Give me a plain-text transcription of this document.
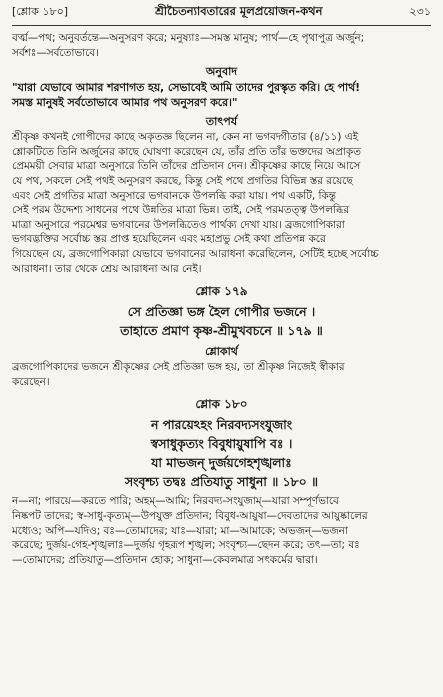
[শ্লোক ১৮০]	শ্রীচৈতন্যাবতারের মূলপ্রয়োজন-কথন	২৩১

বর্ত্ম—পথ; অনুবর্তন্তে—অনুসরণ করে; মনুষ্যাঃ—সমস্ত মানুষ; পার্থ—হে পৃথাপুত্র অর্জুন;

সর্বশঃ—সর্বতোভাবে।

অনুবাদ

"যারা যেভাবে আমার শরণাগত হয়, সেভাবেই আমি তাদের পুরস্কৃত করি। হে পার্থ!

সমস্ত মানুষই সর্বতোভাবে আমার পথ অনুসরণ করে।"

তাৎপর্য

শ্রীকৃষ্ণ কখনই গোপীদের কাছে অকৃতজ্ঞ ছিলেন না, কেন না ভগবদ্গীতার (৪/১১) এই

শ্লোকটিতে তিনি অর্জুনের কাছে ঘোষণা করেছেন যে, তাঁর প্রতি তাঁর ভক্তদের অপ্রাকৃত

প্রেমময়ী সেবার মাত্রা অনুসারে তিনি তাঁদের প্রতিদান দেন। শ্রীকৃষ্ণের কাছে নিয়ে আসে

যে পথ, সকলে সেই পথই অনুসরণ করছে, কিন্তু সেই পথে প্রগতির বিভিন্ন স্তর রয়েছে

এবং সেই প্রগতির মাত্রা অনুসারে ভগবানকে উপলব্ধি করা যায়। পথ একটি, কিন্তু

সেই পরম উদ্দেশ্য সাধনের পথে উন্নতির মাত্রা ভিন্ন। তাই, সেই পরমতত্ত্ব উপলব্ধির

মাত্রা অনুসারে পরমেশ্বর ভগবানের উপলব্ধিতেও পার্থক্য দেখা যায়। ব্রজগোপিকারা

ভগবদ্ভক্তির সর্বোচ্চ স্তর প্রাপ্ত হয়েছিলেন এবং মহাপ্রভু সেই কথা প্রতিপন্ন করে

গিয়েছেন যে, ব্রজগোপিকারা যেভাবে ভগবানের আরাধনা করেছিলেন, সেটিই হচ্ছে সর্বোচ্চ

আরাধনা। তার থেকে শ্রেয় আরাধনা আর নেই।

শ্লোক ১৭৯

সে প্রতিজ্ঞা ভঙ্গ হৈল গোপীর ভজনে ।

তাহাতে প্রমাণ কৃষ্ণ-শ্রীমুখবচনে ॥ ১৭৯ ॥

শ্লোকার্থ

ব্রজগোপিকাদের ভজনে শ্রীকৃষ্ণের সেই প্রতিজ্ঞা ভঙ্গ হয়, তা শ্রীকৃষ্ণ নিজেই স্বীকার

করেছেন।

শ্লোক ১৮০

ন পারয়েঽহং নিরবদ্যসংযুজাং

স্বসাধুকৃত্যং বিবুধায়ুষাপি বঃ ।

যা মাভজন্ দুর্জয়গেহশৃঙ্খলাঃ

সংবৃশ্চ্য তদ্বঃ প্রতিযাতু সাধুনা ॥ ১৮০ ॥

ন—না; পারয়ে—করতে পারি; অহম্—আমি; নিরবদ্য-সংযুজাম্—যারা সম্পূর্ণভাবে

নিষ্কপট তাদের; স্ব-সাধু-কৃত্যম্—উপযুক্ত প্রতিদান; বিবুধ-আয়ুষা—দেবতাদের আয়ুষ্কালের

মধ্যেও; অপি—যদিও; বঃ—তোমাদের; যাঃ—যারা; মা—আমাকে; অভজন্—ভজনা

করেছে; দুর্জয়-গেহ-শৃঙ্খলাঃ—দুর্জয় গৃহরূপ শৃঙ্খল; সংবৃশ্চ্য—ছেদন করে; তৎ—তা; বঃ

—তোমাদের; প্রতিযাতু—প্রতিদান হোক; সাধুনা—কেবলমাত্র সৎকর্মের দ্বারা।
